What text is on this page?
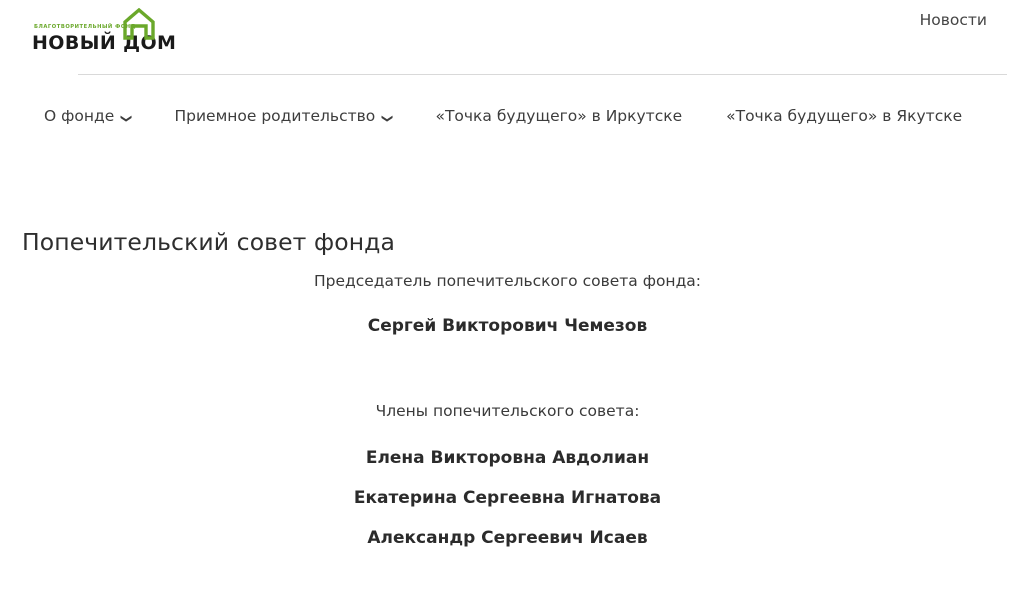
БЛАГОТВОРИТЕЛЬНЫЙ ФОНД
НОВЫЙ ДОМ
Новости
О фонде ❮	Приемное родительство ❮	«Точка будущего» в Иркутске	«Точка будущего» в Якутске
Попечительский совет фонда

Председатель попечительского совета фонда:

Сергей Викторович Чемезов

Члены попечительского совета:

Елена Викторовна Авдолиан

Екатерина Сергеевна Игнатова

Александр Сергеевич Исаев
